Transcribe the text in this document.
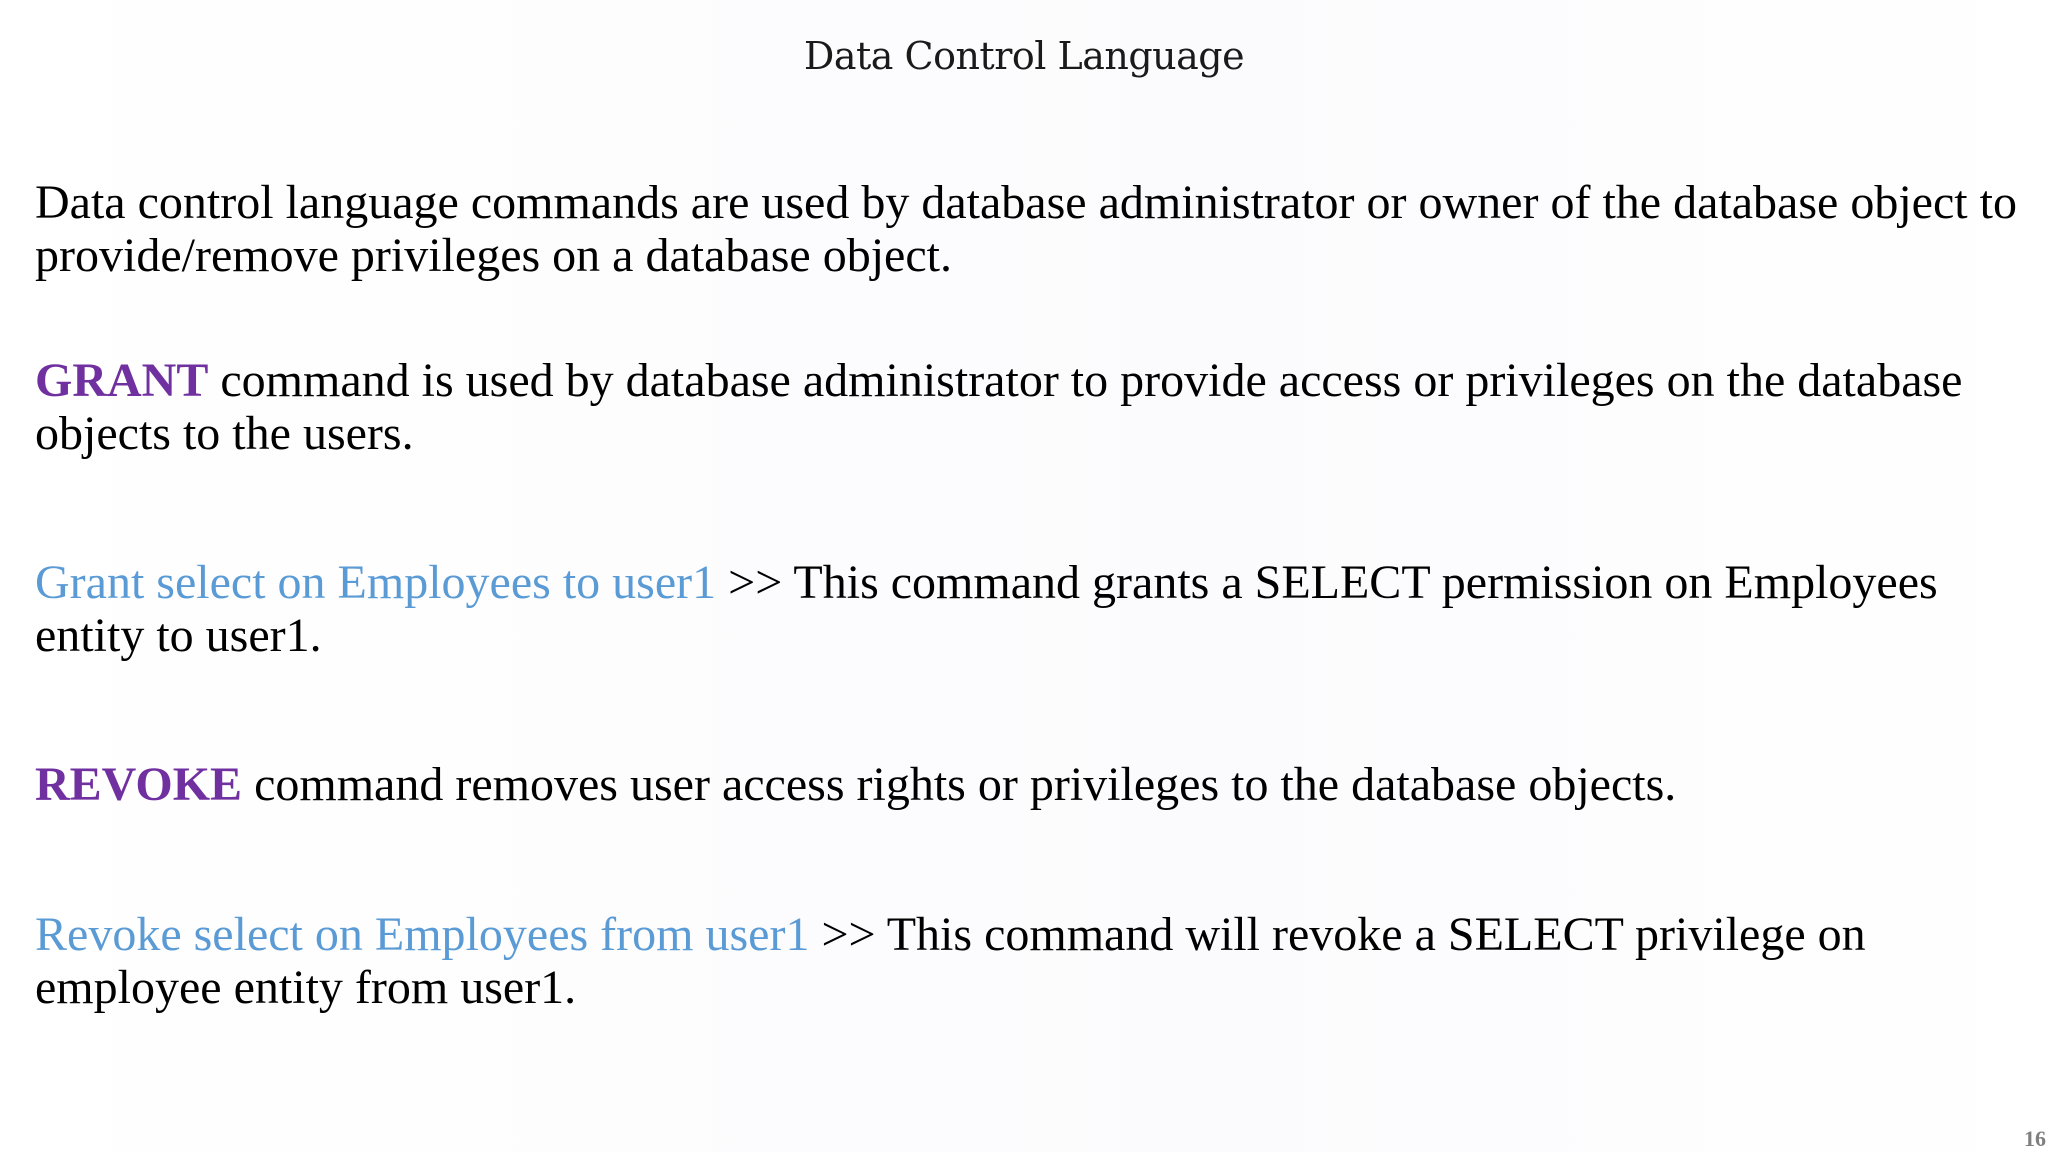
Data Control Language

Data control language commands are used by database administrator or owner of the database object to provide/remove privileges on a database object.

GRANT command is used by database administrator to provide access or privileges on the database objects to the users.

Grant select on Employees to user1 >> This command grants a SELECT permission on Employees entity to user1.

REVOKE command removes user access rights or privileges to the database objects.

Revoke select on Employees from user1 >> This command will revoke a SELECT privilege on employee entity from user1.

16
